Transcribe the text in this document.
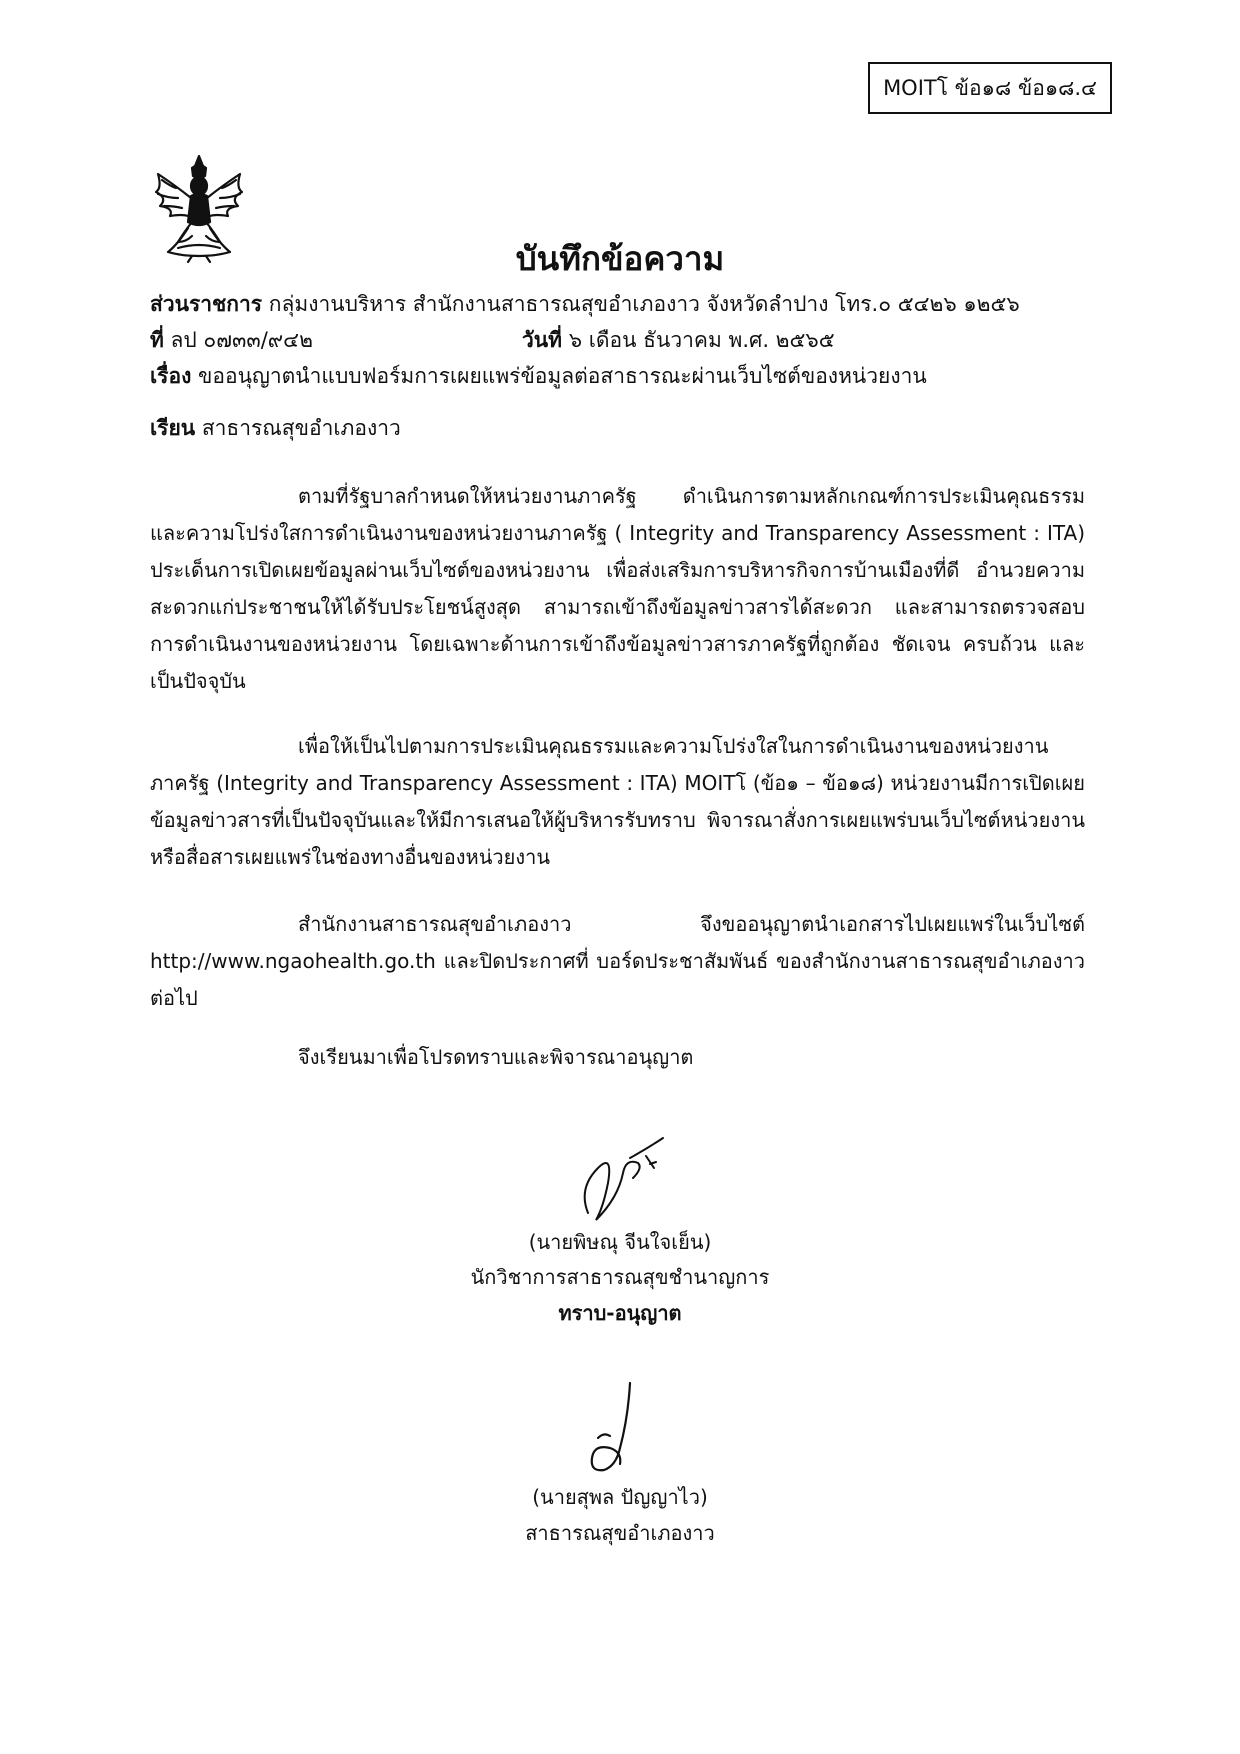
MOITโ ข้อ๑๘ ข้อ๑๘.๔
บันทึกข้อความ
ส่วนราชการ กลุ่มงานบริหาร สำนักงานสาธารณสุขอำเภองาว จังหวัดลำปาง โทร.๐ ๕๔๒๖ ๑๒๕๖
ที่ ลป ๐๗๓๓/๙๔๒	วันที่ ๖ เดือน ธันวาคม พ.ศ. ๒๕๖๕
เรื่อง ขออนุญาตนำแบบฟอร์มการเผยแพร่ข้อมูลต่อสาธารณะผ่านเว็บไซต์ของหน่วยงาน
เรียน สาธารณสุขอำเภองาว

ตามที่รัฐบาลกำหนดให้หน่วยงานภาครัฐ ดำเนินการตามหลักเกณฑ์การประเมินคุณธรรม และความโปร่งใสการดำเนินงานของหน่วยงานภาครัฐ ( Integrity and Transparency Assessment : ITA) ประเด็นการเปิดเผยข้อมูลผ่านเว็บไซต์ของหน่วยงาน เพื่อส่งเสริมการบริหารกิจการบ้านเมืองที่ดี อำนวยความสะดวกแก่ประชาชนให้ได้รับประโยชน์สูงสุด สามารถเข้าถึงข้อมูลข่าวสารได้สะดวก และสามารถตรวจสอบการดำเนินงานของหน่วยงาน โดยเฉพาะด้านการเข้าถึงข้อมูลข่าวสารภาครัฐที่ถูกต้อง ชัดเจน ครบถ้วน และเป็นปัจจุบัน

เพื่อให้เป็นไปตามการประเมินคุณธรรมและความโปร่งใสในการดำเนินงานของหน่วยงานภาครัฐ (Integrity and Transparency Assessment : ITA) MOITโ (ข้อ๑ – ข้อ๑๘) หน่วยงานมีการเปิดเผยข้อมูลข่าวสารที่เป็นปัจจุบันและให้มีการเสนอให้ผู้บริหารรับทราบ พิจารณาสั่งการเผยแพร่บนเว็บไซต์หน่วยงานหรือสื่อสารเผยแพร่ในช่องทางอื่นของหน่วยงาน

สำนักงานสาธารณสุขอำเภองาว จึงขออนุญาตนำเอกสารไปเผยแพร่ในเว็บไซต์ http://www.ngaohealth.go.th และปิดประกาศที่ บอร์ดประชาสัมพันธ์ ของสำนักงานสาธารณสุขอำเภองาว ต่อไป

จึงเรียนมาเพื่อโปรดทราบและพิจารณาอนุญาต
(นายพิษณุ จีนใจเย็น)
นักวิชาการสาธารณสุขชำนาญการ
ทราบ-อนุญาต
(นายสุพล ปัญญาไว)
สาธารณสุขอำเภองาว
